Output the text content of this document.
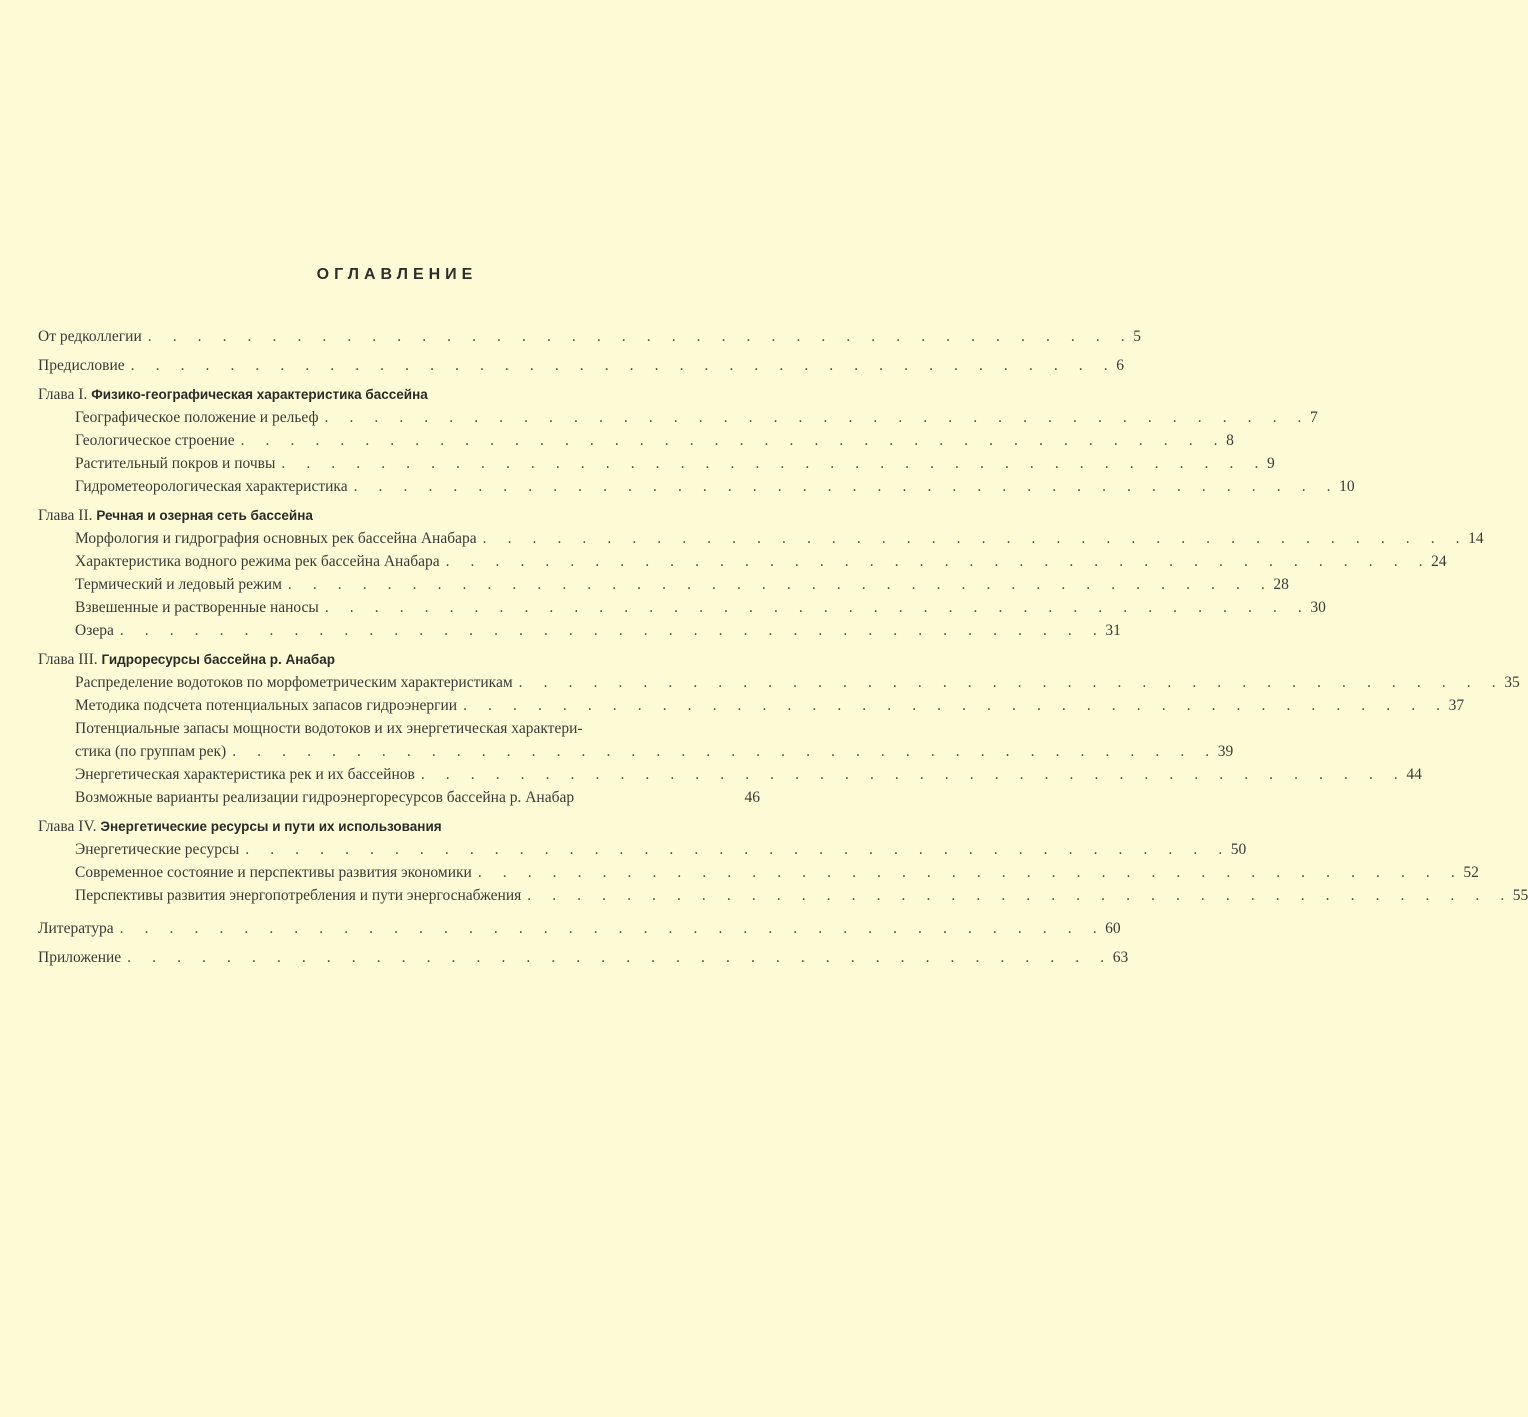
ОГЛАВЛЕНИЕ
От редколлегии . . . . . . . . . . . . . . . . . . . . . . . . . . . . . . . . . . . . . . . . 5
Предисловие . . . . . . . . . . . . . . . . . . . . . . . . . . . . . . . . . . . . . . . . 6
Глава I. Физико-географическая характеристика бассейна
Географическое положение и рельеф . . . . . . . . . . . . . . . . . . . . . . . . . . . . . . . . . . . . . . . . 7
Геологическое строение . . . . . . . . . . . . . . . . . . . . . . . . . . . . . . . . . . . . . . . . 8
Растительный покров и почвы . . . . . . . . . . . . . . . . . . . . . . . . . . . . . . . . . . . . . . . . 9
Гидрометеорологическая характеристика . . . . . . . . . . . . . . . . . . . . . . . . . . . . . . . . . . . . . . . . 10
Глава II. Речная и озерная сеть бассейна
Морфология и гидрография основных рек бассейна Анабара . . . . . . . . . . . . . . . . . . . . . . . . . . . . . . . . . . . . . . . . 14
Характеристика водного режима рек бассейна Анабара . . . . . . . . . . . . . . . . . . . . . . . . . . . . . . . . . . . . . . . . 24
Термический и ледовый режим . . . . . . . . . . . . . . . . . . . . . . . . . . . . . . . . . . . . . . . . 28
Взвешенные и растворенные наносы . . . . . . . . . . . . . . . . . . . . . . . . . . . . . . . . . . . . . . . . 30
Озера . . . . . . . . . . . . . . . . . . . . . . . . . . . . . . . . . . . . . . . . 31
Глава III. Гидроресурсы бассейна р. Анабар
Распределение водотоков по морфометрическим характеристикам . . . . . . . . . . . . . . . . . . . . . . . . . . . . . . . . . . . . . . . . 35
Методика подсчета потенциальных запасов гидроэнергии . . . . . . . . . . . . . . . . . . . . . . . . . . . . . . . . . . . . . . . . 37
Потенциальные запасы мощности водотоков и их энергетическая характери-
стика (по группам рек) . . . . . . . . . . . . . . . . . . . . . . . . . . . . . . . . . . . . . . . . 39
Энергетическая характеристика рек и их бассейнов . . . . . . . . . . . . . . . . . . . . . . . . . . . . . . . . . . . . . . . . 44
Возможные варианты реализации гидроэнергоресурсов бассейна р. Анабар	46
Глава IV. Энергетические ресурсы и пути их использования
Энергетические ресурсы . . . . . . . . . . . . . . . . . . . . . . . . . . . . . . . . . . . . . . . . 50
Современное состояние и перспективы развития экономики . . . . . . . . . . . . . . . . . . . . . . . . . . . . . . . . . . . . . . . . 52
Перспективы развития энергопотребления и пути энергоснабжения . . . . . . . . . . . . . . . . . . . . . . . . . . . . . . . . . . . . . . . . 55
Литература . . . . . . . . . . . . . . . . . . . . . . . . . . . . . . . . . . . . . . . . 60
Приложение . . . . . . . . . . . . . . . . . . . . . . . . . . . . . . . . . . . . . . . . 63
